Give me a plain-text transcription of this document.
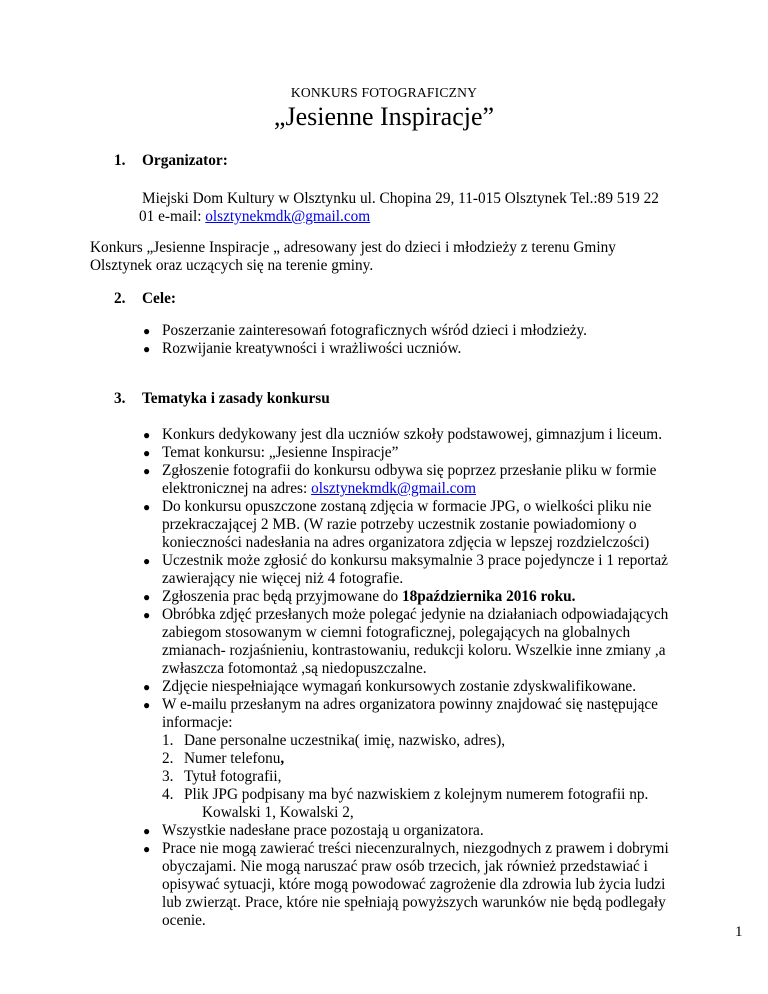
KONKURS FOTOGRAFICZNY
„Jesienne Inspiracje”
1. Organizator:
Miejski Dom Kultury w Olsztynku ul. Chopina 29, 11-015 Olsztynek Tel.:89 519 22
01 e-mail: olsztynekmdk@gmail.com
Konkurs „Jesienne Inspiracje „ adresowany jest do dzieci i młodzieży z terenu Gminy
Olsztynek oraz uczących się na terenie gminy.
2. Cele:
● Poszerzanie zainteresowań fotograficznych wśród dzieci i młodzieży.
● Rozwijanie kreatywności i wrażliwości uczniów.
3. Tematyka i zasady konkursu
● Konkurs dedykowany jest dla uczniów szkoły podstawowej, gimnazjum i liceum.
● Temat konkursu: „Jesienne Inspiracje”
● Zgłoszenie fotografii do konkursu odbywa się poprzez przesłanie pliku w formie
elektronicznej na adres: olsztynekmdk@gmail.com
● Do konkursu opuszczone zostaną zdjęcia w formacie JPG, o wielkości pliku nie
przekraczającej 2 MB. (W razie potrzeby uczestnik zostanie powiadomiony o
konieczności nadesłania na adres organizatora zdjęcia w lepszej rozdzielczości)
● Uczestnik może zgłosić do konkursu maksymalnie 3 prace pojedyncze i 1 reportaż
zawierający nie więcej niż 4 fotografie.
● Zgłoszenia prac będą przyjmowane do 18października 2016 roku.
● Obróbka zdjęć przesłanych może polegać jedynie na działaniach odpowiadających
zabiegom stosowanym w ciemni fotograficznej, polegających na globalnych
zmianach- rozjaśnieniu, kontrastowaniu, redukcji koloru. Wszelkie inne zmiany ,a
zwłaszcza fotomontaż ,są niedopuszczalne.
● Zdjęcie niespełniające wymagań konkursowych zostanie zdyskwalifikowane.
● W e-mailu przesłanym na adres organizatora powinny znajdować się następujące
informacje:
1. Dane personalne uczestnika( imię, nazwisko, adres),
2. Numer telefonu,
3. Tytuł fotografii,
4. Plik JPG podpisany ma być nazwiskiem z kolejnym numerem fotografii np.
Kowalski 1, Kowalski 2,
● Wszystkie nadesłane prace pozostają u organizatora.
● Prace nie mogą zawierać treści niecenzuralnych, niezgodnych z prawem i dobrymi
obyczajami. Nie mogą naruszać praw osób trzecich, jak również przedstawiać i
opisywać sytuacji, które mogą powodować zagrożenie dla zdrowia lub życia ludzi
lub zwierząt. Prace, które nie spełniają powyższych warunków nie będą podlegały
ocenie.
1
